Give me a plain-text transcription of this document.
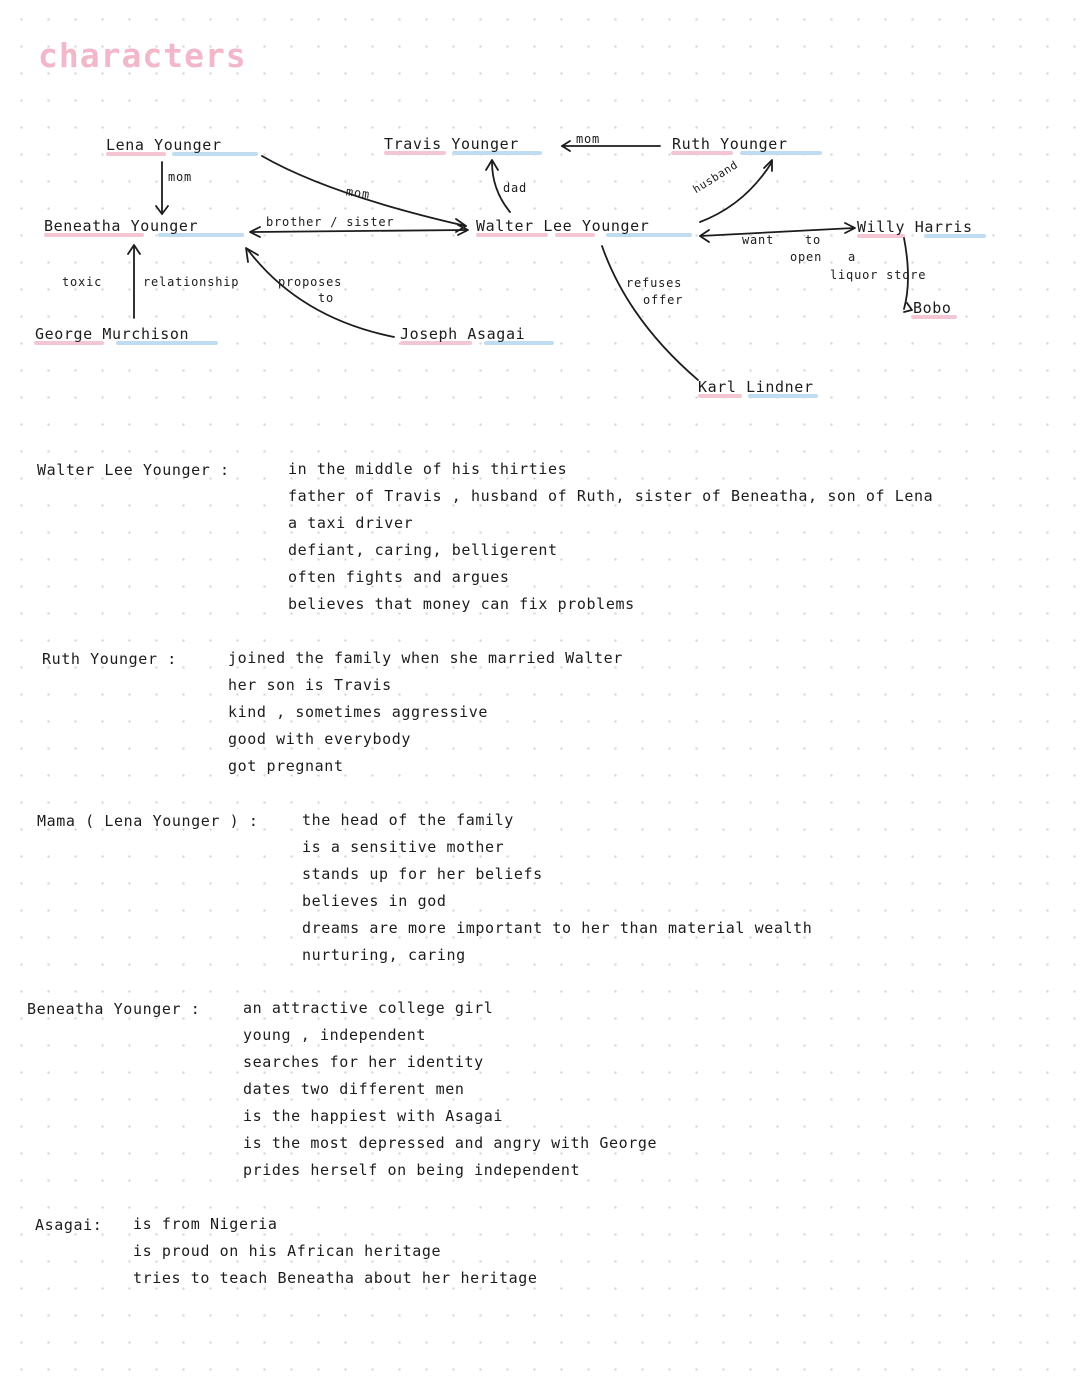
characters
Lena Younger	Travis Younger	Ruth Younger
Beneatha Younger	Walter Lee Younger	Willy Harris
Bobo
George Murchison	Joseph Asagai
Karl Lindner
mom
mom
mom
dad	husband
brother / sister
toxic	relationship	proposes
to
refuses
offer
want	to
open a
liquor store
Walter Lee Younger :	in the middle of his thirties
father of Travis , husband of Ruth, sister of Beneatha, son of Lena
a taxi driver
defiant, caring, belligerent
often fights and argues
believes that money can fix problems
Ruth Younger :	joined the family when she married Walter
her son is Travis
kind , sometimes aggressive
good with everybody
got pregnant
Mama ( Lena Younger ) :	the head of the family
is a sensitive mother
stands up for her beliefs
believes in god
dreams are more important to her than material wealth
nurturing, caring
Beneatha Younger :	an attractive college girl
young , independent
searches for her identity
dates two different men
is the happiest with Asagai
is the most depressed and angry with George
prides herself on being independent
Asagai: is from Nigeria
is proud on his African heritage
tries to teach Beneatha about her heritage
